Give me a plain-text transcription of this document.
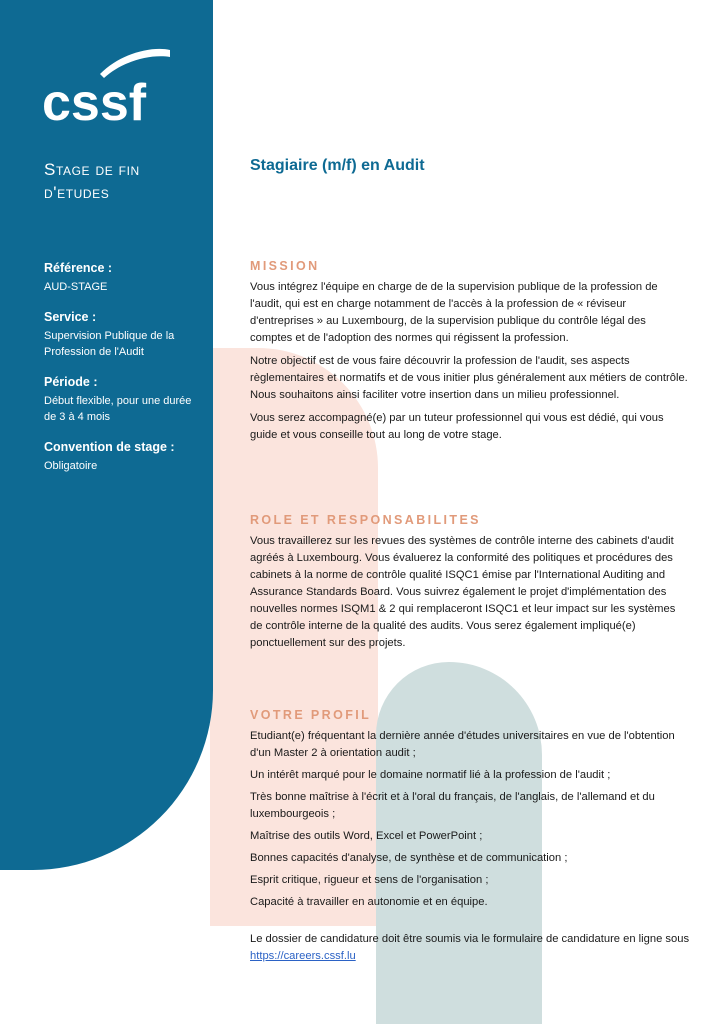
cssf
Stage de fin d'etudes

Référence :

AUD-STAGE

Service :

Supervision Publique de la Profession de l'Audit

Période :

Début flexible, pour une durée de 3 à 4 mois

Convention de stage :

Obligatoire

Stagiaire (m/f) en Audit

MISSION

Vous intégrez l'équipe en charge de de la supervision publique de la profession de l'audit, qui est en charge notamment de l'accès à la profession de « réviseur d'entreprises » au Luxembourg, de la supervision publique du contrôle légal des comptes et de l'adoption des normes qui régissent la profession.

Notre objectif est de vous faire découvrir la profession de l'audit, ses aspects règlementaires et normatifs et de vous initier plus généralement aux métiers de contrôle. Nous souhaitons ainsi faciliter votre insertion dans un milieu professionnel.

Vous serez accompagné(e) par un tuteur professionnel qui vous est dédié, qui vous guide et vous conseille tout au long de votre stage.

ROLE ET RESPONSABILITES

Vous travaillerez sur les revues des systèmes de contrôle interne des cabinets d'audit agréés à Luxembourg. Vous évaluerez la conformité des politiques et procédures des cabinets à la norme de contrôle qualité ISQC1 émise par l'International Auditing and Assurance Standards Board. Vous suivrez également le projet d'implémentation des nouvelles normes ISQM1 & 2 qui remplaceront ISQC1 et leur impact sur les systèmes de contrôle interne de la qualité des audits. Vous serez également impliqué(e) ponctuellement sur des projets.

VOTRE PROFIL

Etudiant(e) fréquentant la dernière année d'études universitaires en vue de l'obtention d'un Master 2 à orientation audit ;

Un intérêt marqué pour le domaine normatif lié à la profession de l'audit ;

Très bonne maîtrise à l'écrit et à l'oral du français, de l'anglais, de l'allemand et du luxembourgeois ;

Maîtrise des outils Word, Excel et PowerPoint ;

Bonnes capacités d'analyse, de synthèse et de communication ;

Esprit critique, rigueur et sens de l'organisation ;

Capacité à travailler en autonomie et en équipe.

Le dossier de candidature doit être soumis via le formulaire de candidature en ligne sous https://careers.cssf.lu
